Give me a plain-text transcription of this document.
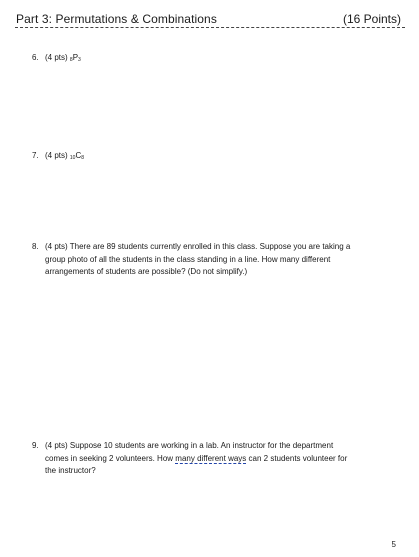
Part 3: Permutations & Combinations	(16 Points)
6. (4 pts) $_8P_3$
7. (4 pts) $_{10}C_8$
8. (4 pts) There are 89 students currently enrolled in this class. Suppose you are taking a
group photo of all the students in the class standing in a line. How many different
arrangements of students are possible? (Do not simplify.)
9. (4 pts) Suppose 10 students are working in a lab. An instructor for the department
comes in seeking 2 volunteers. How many different ways can 2 students volunteer for
the instructor?
5
